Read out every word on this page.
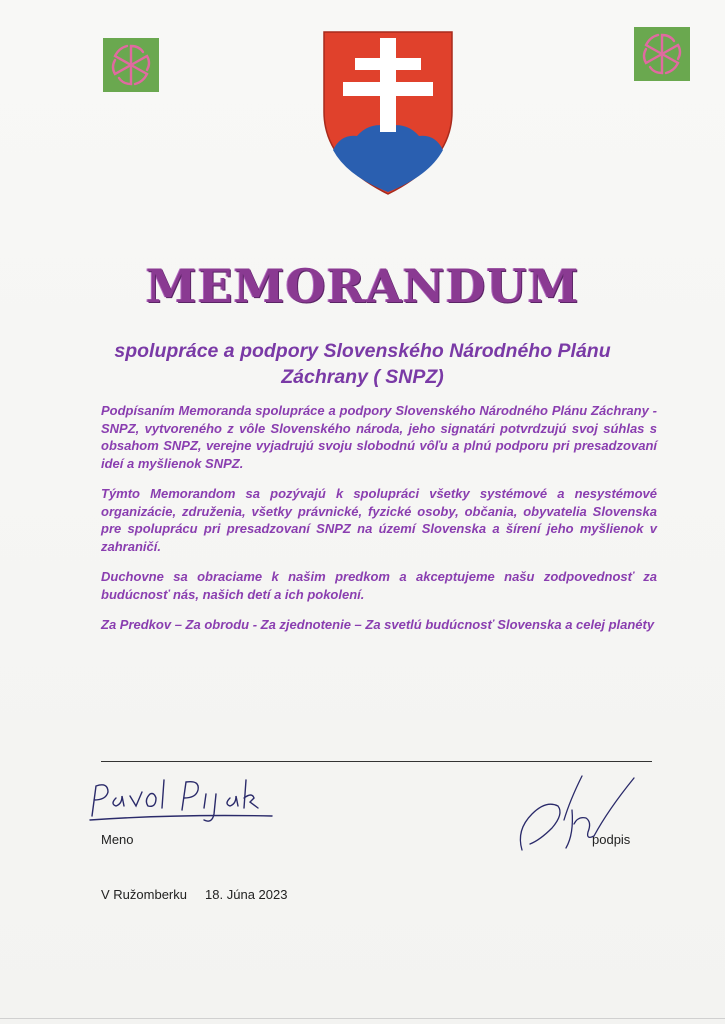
MEMORANDUM
spolupráce a podpory Slovenského Národného Plánu
Záchrany ( SNPZ)

Podpísaním Memoranda spolupráce a podpory Slovenského Národného Plánu Záchrany - SNPZ, vytvoreného z vôle Slovenského národa, jeho signatári potvrdzujú svoj súhlas s obsahom SNPZ, verejne vyjadrujú svoju slobodnú vôľu a plnú podporu pri presadzovaní ideí a myšlienok SNPZ.

Týmto Memorandom sa pozývajú k spolupráci všetky systémové a nesystémové organizácie, združenia, všetky právnické, fyzické osoby, občania, obyvatelia Slovenska pre spoluprácu pri presadzovaní SNPZ na území Slovenska a šírení jeho myšlienok v zahraničí.

Duchovne sa obraciame k našim predkom a akceptujeme našu zodpovednosť za budúcnosť nás, našich detí a ich pokolení.

Za Predkov – Za obrodu - Za zjednotenie – Za svetlú budúcnosť Slovenska a celej planéty

Meno	podpis
V Ružomberku 18. Júna 2023
